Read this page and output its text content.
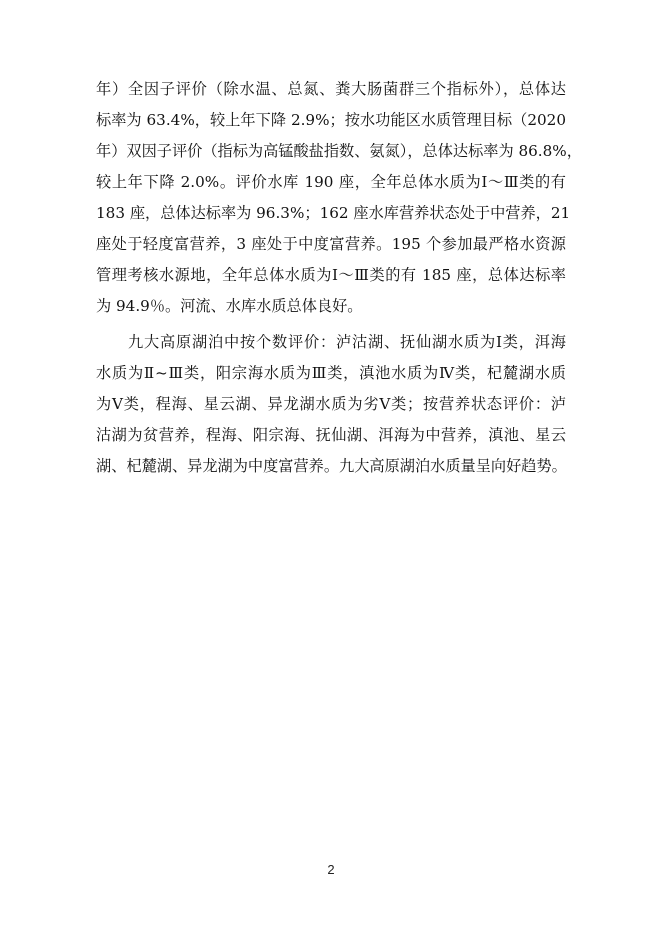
年）全因子评价（除水温、总氮、粪大肠菌群三个指标外），总体达
标率为 63.4%，较上年下降 2.9%；按水功能区水质管理目标（2020
年）双因子评价（指标为高锰酸盐指数、氨氮），总体达标率为 86.8%，
较上年下降 2.0%。评价水库 190 座，全年总体水质为Ⅰ～Ⅲ类的有
183 座，总体达标率为 96.3%；162 座水库营养状态处于中营养，21
座处于轻度富营养，3 座处于中度富营养。195 个参加最严格水资源
管理考核水源地，全年总体水质为Ⅰ～Ⅲ类的有 185 座，总体达标率
为 94.9％。河流、水库水质总体良好。
　　九大高原湖泊中按个数评价：泸沽湖、抚仙湖水质为Ⅰ类，洱海
水质为Ⅱ~Ⅲ类，阳宗海水质为Ⅲ类，滇池水质为Ⅳ类，杞麓湖水质
为Ⅴ类，程海、星云湖、异龙湖水质为劣Ⅴ类；按营养状态评价：泸
沽湖为贫营养，程海、阳宗海、抚仙湖、洱海为中营养，滇池、星云
湖、杞麓湖、异龙湖为中度富营养。九大高原湖泊水质量呈向好趋势。
2
